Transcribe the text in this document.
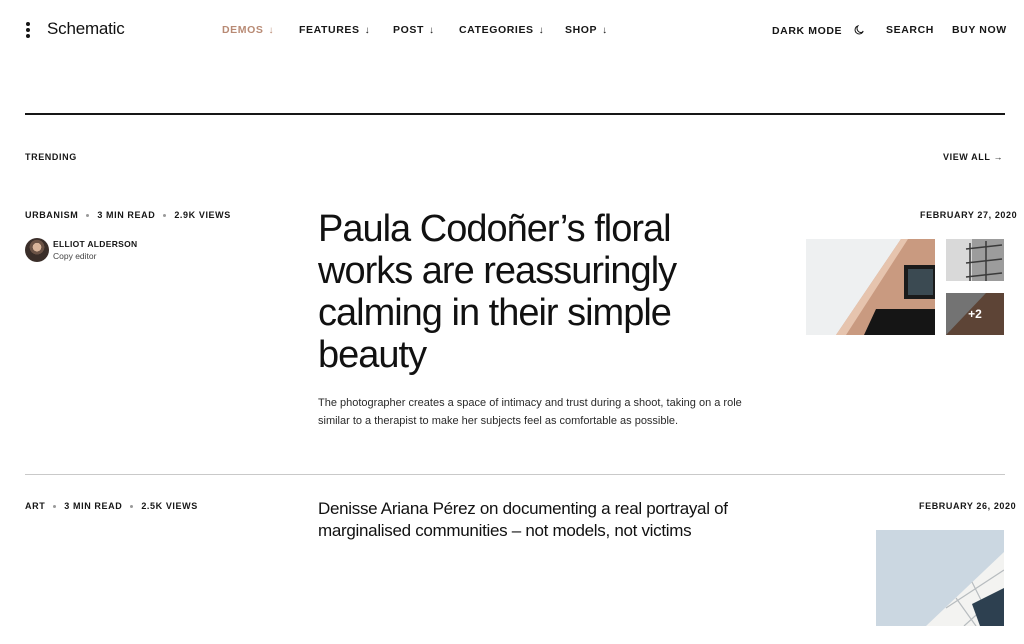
Schematic	DEMOS ↓ FEATURES ↓ POST ↓ CATEGORIES ↓ SHOP ↓	DARK MODE	SEARCH BUY NOW
TRENDING	VIEW ALL →
URBANISM 3 MIN READ 2.9K VIEWS
ELLIOT ALDERSON
Copy editor
Paula Codoñer’s floral works are reassuringly calming in their simple beauty

The photographer creates a space of intimacy and trust during a shoot, taking on a role similar to a therapist to make her subjects feel as comfortable as possible.

FEBRUARY 27, 2020
+2
ART 3 MIN READ 2.5K VIEWS	Denisse Ariana Pérez on documenting a real portrayal of marginalised communities – not models, not victims
FEBRUARY 26, 2020
